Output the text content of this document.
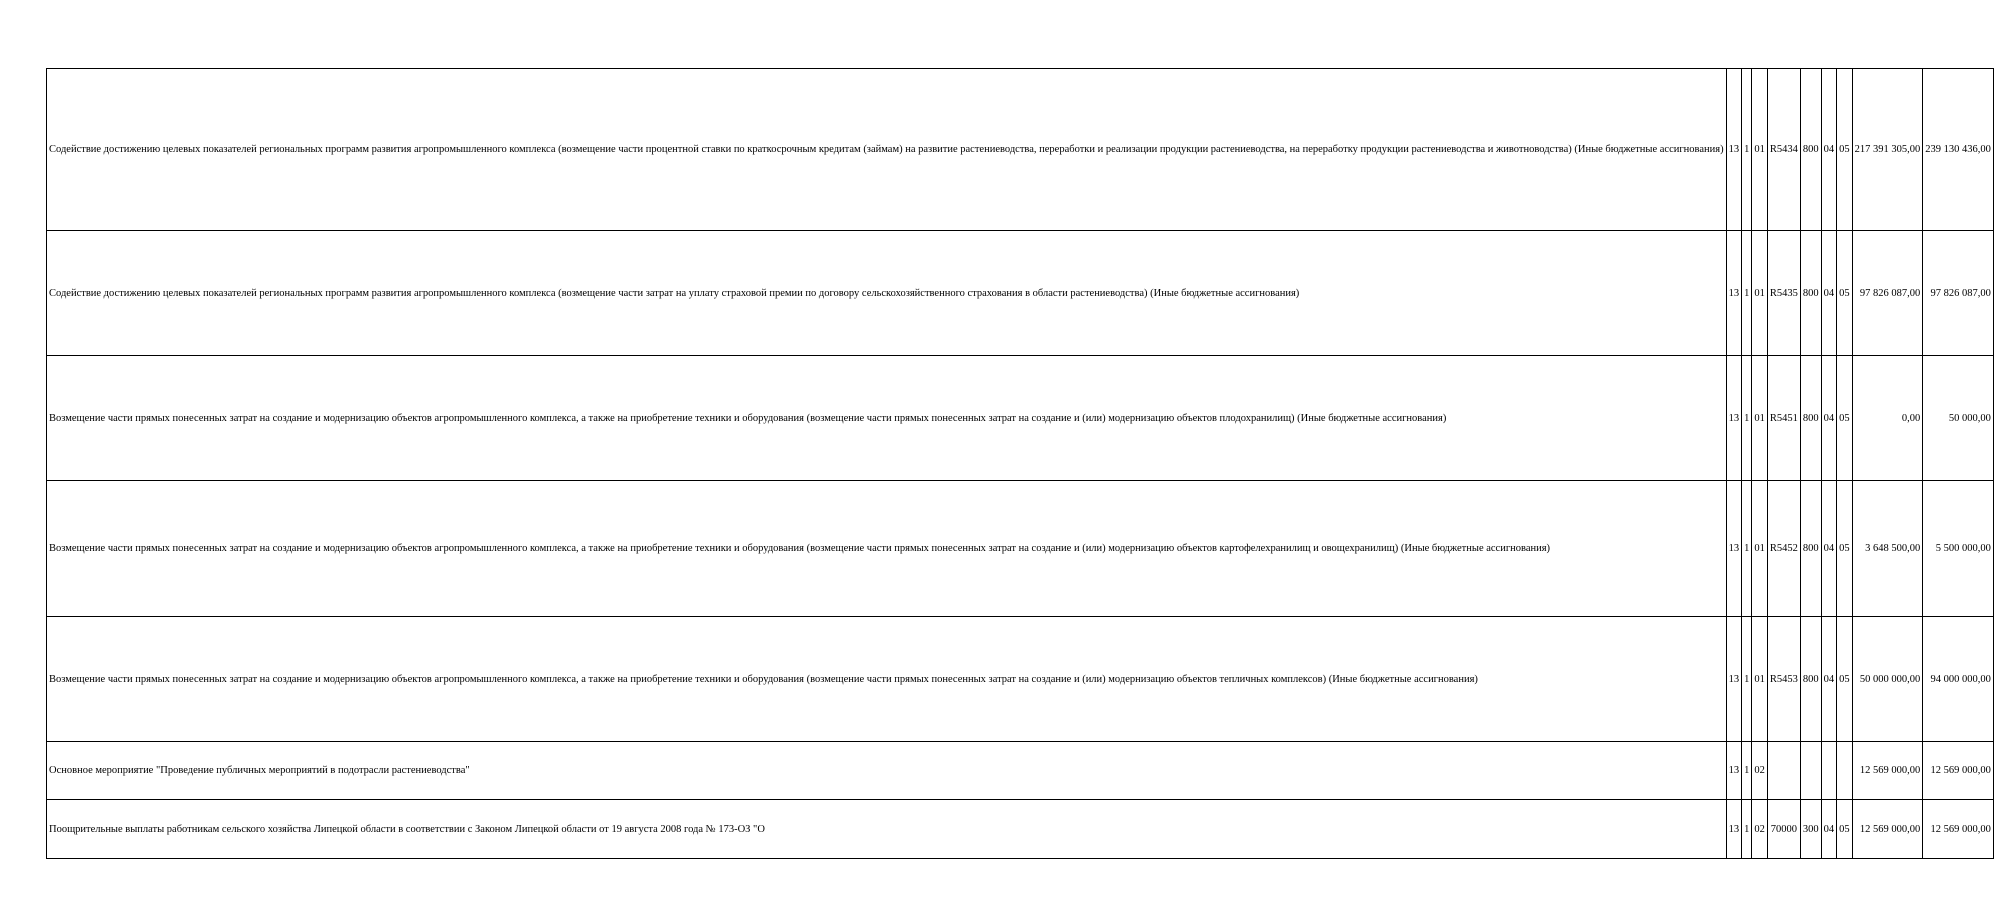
Содействие достижению целевых показателей региональных программ развития агропромышленного комплекса (возмещение части процентной ставки по краткосрочным кредитам (займам) на развитие растениеводства, переработки и реализации продукции растениеводства, на переработку продукции растениеводства и животноводства) (Иные бюджетные ассигнования)	13	1	01	R5434	800	04	05	217 391 305,00	239 130 436,00
Содействие достижению целевых показателей региональных программ развития агропромышленного комплекса (возмещение части затрат на уплату страховой премии по договору сельскохозяйственного страхования в области растениеводства) (Иные бюджетные ассигнования)	13	1	01	R5435	800	04	05	97 826 087,00	97 826 087,00
Возмещение части прямых понесенных затрат на создание и модернизацию объектов агропромышленного комплекса, а также на приобретение техники и оборудования (возмещение части прямых понесенных затрат на создание и (или) модернизацию объектов плодохранилищ) (Иные бюджетные ассигнования)	13	1	01	R5451	800	04	05	0,00	50 000,00
Возмещение части прямых понесенных затрат на создание и модернизацию объектов агропромышленного комплекса, а также на приобретение техники и оборудования (возмещение части прямых понесенных затрат на создание и (или) модернизацию объектов картофелехранилищ и овощехранилищ) (Иные бюджетные ассигнования)	13	1	01	R5452	800	04	05	3 648 500,00	5 500 000,00
Возмещение части прямых понесенных затрат на создание и модернизацию объектов агропромышленного комплекса, а также на приобретение техники и оборудования (возмещение части прямых понесенных затрат на создание и (или) модернизацию объектов тепличных комплексов) (Иные бюджетные ассигнования)	13	1	01	R5453	800	04	05	50 000 000,00	94 000 000,00
Основное мероприятие "Проведение публичных мероприятий в подотрасли растениеводства"	13	1	02					12 569 000,00	12 569 000,00
Поощрительные выплаты работникам сельского хозяйства Липецкой области в соответствии с Законом Липецкой области от 19 августа 2008 года № 173-ОЗ "О	13	1	02	70000	300	04	05	12 569 000,00	12 569 000,00
